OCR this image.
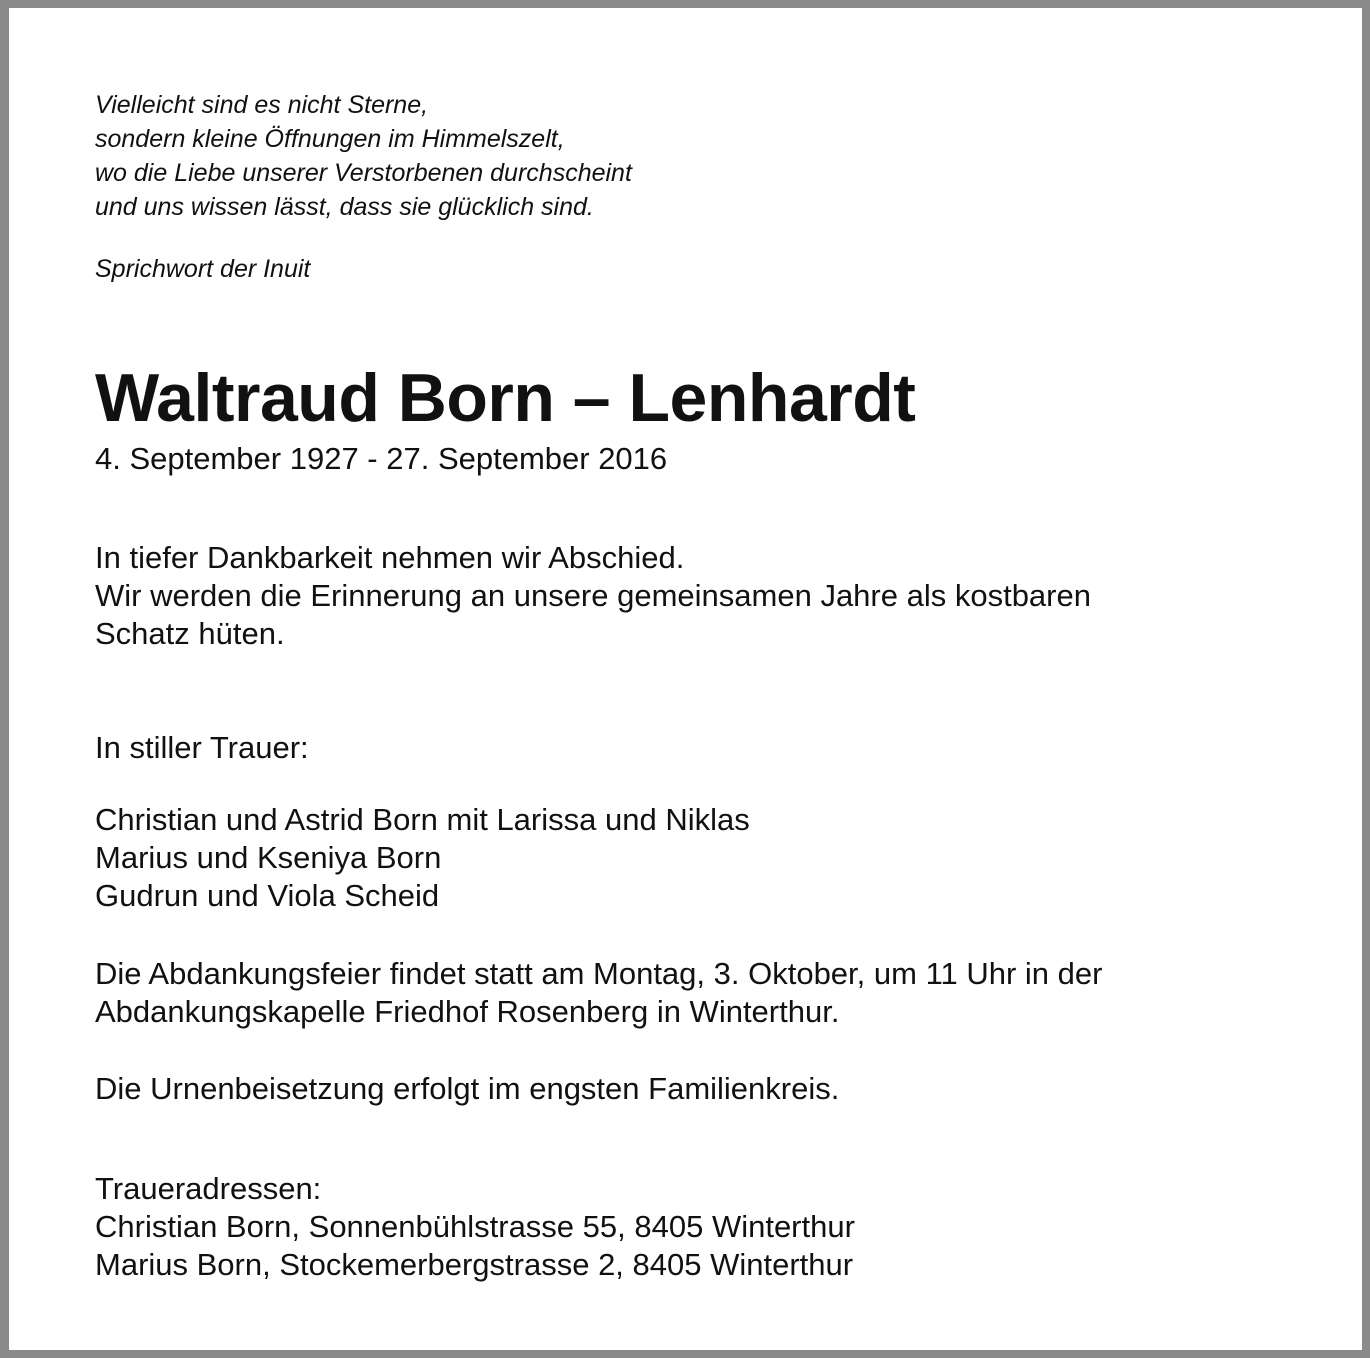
Vielleicht sind es nicht Sterne,
sondern kleine Öffnungen im Himmelszelt,
wo die Liebe unserer Verstorbenen durchscheint
und uns wissen lässt, dass sie glücklich sind.
Sprichwort der Inuit
Waltraud Born – Lenhardt
4. September 1927 - 27. September 2016
In tiefer Dankbarkeit nehmen wir Abschied.
Wir werden die Erinnerung an unsere gemeinsamen Jahre als kostbaren
Schatz hüten.
In stiller Trauer:
Christian und Astrid Born mit Larissa und Niklas
Marius und Kseniya Born
Gudrun und Viola Scheid
Die Abdankungsfeier findet statt am Montag, 3. Oktober, um 11 Uhr in der
Abdankungskapelle Friedhof Rosenberg in Winterthur.
Die Urnenbeisetzung erfolgt im engsten Familienkreis.
Traueradressen:
Christian Born, Sonnenbühlstrasse 55, 8405 Winterthur
Marius Born, Stockemerbergstrasse 2, 8405 Winterthur
